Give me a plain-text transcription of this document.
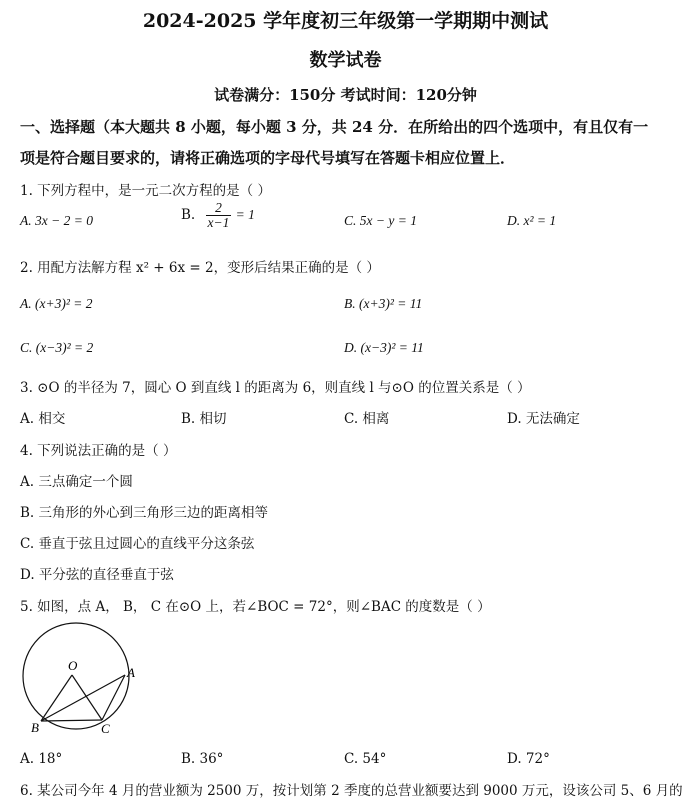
2024-2025 学年度初三年级第一学期期中测试
数学试卷
试卷满分：150分 考试时间：120分钟
一、选择题（本大题共 8 小题，每小题 3 分，共 24 分．在所给出的四个选项中，有且仅有一
项是符合题目要求的，请将正确选项的字母代号填写在答题卡相应位置上．
1. 下列方程中，是一元二次方程的是（ ）
A. 3x − 2 = 0	B. $\frac{2}{x-1} = 1$	C. 5x − y = 1	D. x² = 1
2. 用配方法解方程 x² + 6x = 2，变形后结果正确的是（ ）
A. (x+3)² = 2	B. (x+3)² = 11
C. (x−3)² = 2	D. (x−3)² = 11
3. ⊙O 的半径为 7，圆心 O 到直线 l 的距离为 6，则直线 l 与⊙O 的位置关系是（ ）
A. 相交	B. 相切	C. 相离	D. 无法确定
4. 下列说法正确的是（ ）
A. 三点确定一个圆
B. 三角形的外心到三角形三边的距离相等
C. 垂直于弦且过圆心的直线平分这条弦
D. 平分弦的直径垂直于弦
5. 如图，点 A， B， C 在⊙O 上，若∠BOC = 72°，则∠BAC 的度数是（ ）
O	A
B	C
A. 18°	B. 36°	C. 54°	D. 72°
6. 某公司今年 4 月的营业额为 2500 万，按计划第 2 季度的总营业额要达到 9000 万元，设该公司 5、6 月的
